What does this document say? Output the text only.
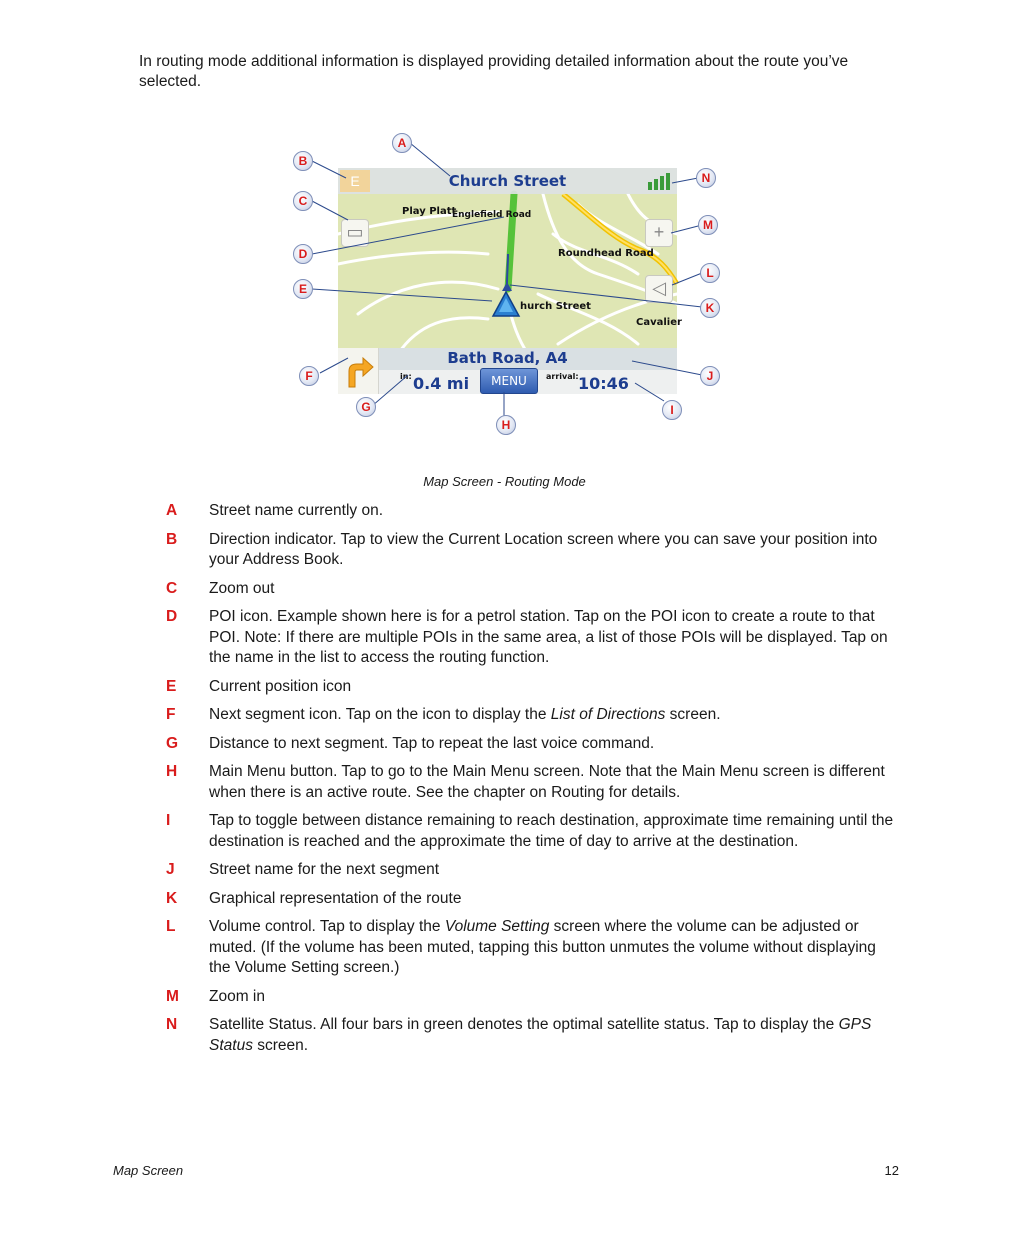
In routing mode additional information is displayed providing detailed information about the route you’ve selected.

E	Church Street
Play Platt
Englefield Road
Roundhead Road
hurch Street
Cavalier
▭	+
◁
Bath Road, A4
in: 0.4 mi	MENU	arrival: 10:46
A
B
C
D
E
F
G
H
I
J
K
L
M
N
Map Screen - Routing Mode
A Street name currently on.
B Direction indicator. Tap to view the Current Location screen where you can save your position into your Address Book.
C Zoom out
D POI icon. Example shown here is for a petrol station. Tap on the POI icon to create a route to that POI. Note: If there are multiple POIs in the same area, a list of those POIs will be displayed. Tap on the name in the list to access the routing function.
E Current position icon
F Next segment icon. Tap on the icon to display the List of Directions screen.
G Distance to next segment. Tap to repeat the last voice command.
H Main Menu button. Tap to go to the Main Menu screen. Note that the Main Menu screen is different when there is an active route. See the chapter on Routing for details.
I Tap to toggle between distance remaining to reach destination, approximate time remaining until the destination is reached and the approximate the time of day to arrive at the destination.
J Street name for the next segment
K Graphical representation of the route
L Volume control. Tap to display the Volume Setting screen where the volume can be adjusted or muted. (If the volume has been muted, tapping this button unmutes the volume without displaying the Volume Setting screen.)
M Zoom in
N Satellite Status. All four bars in green denotes the optimal satellite status. Tap to display the GPS Status screen.
Map Screen	12
